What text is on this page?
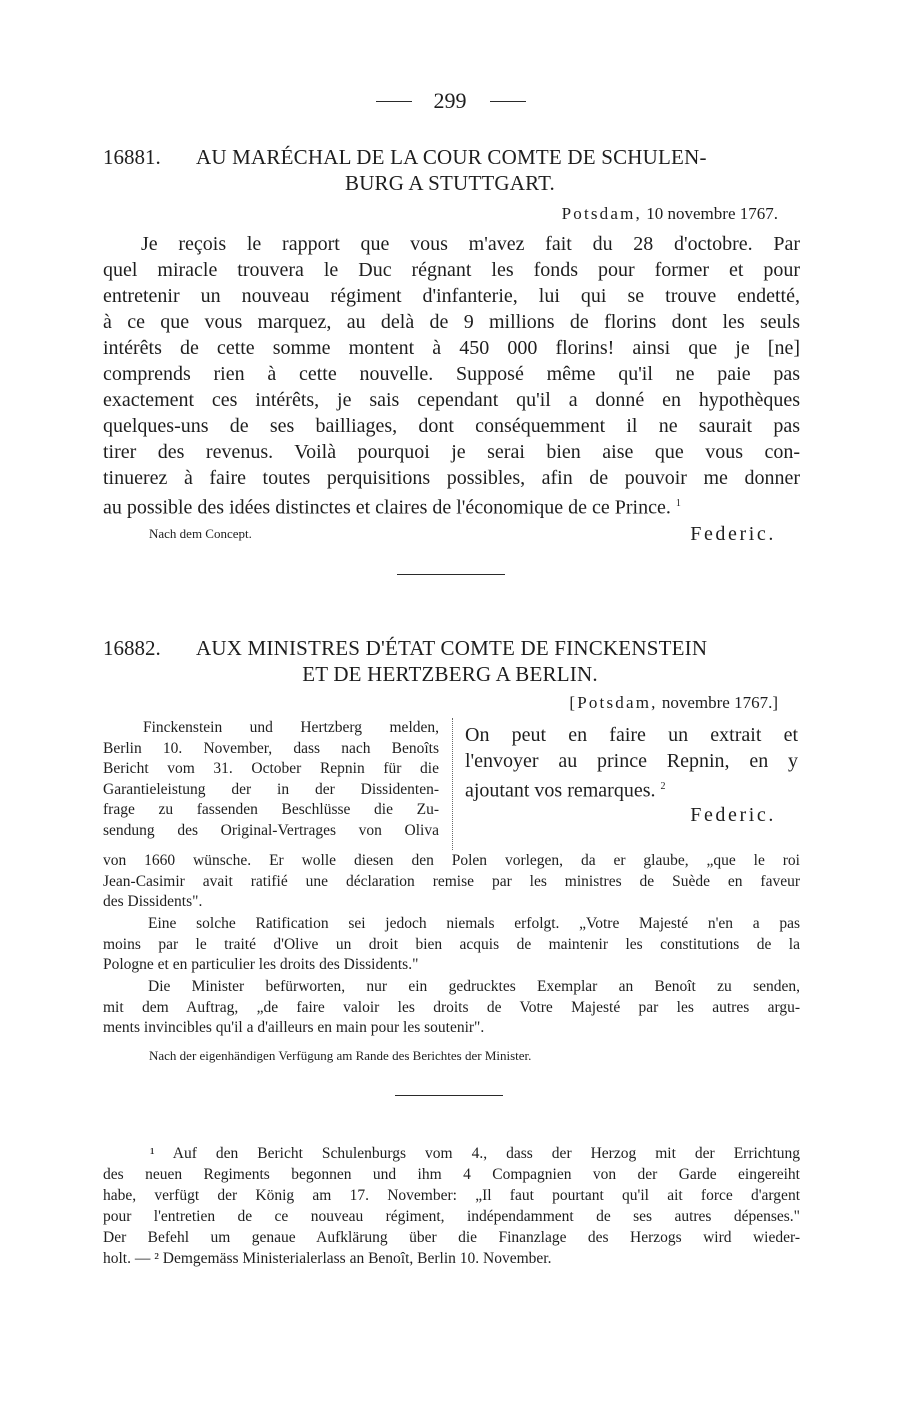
299
16881. AU MARÉCHAL DE LA COUR COMTE DE SCHULEN-
BURG A STUTTGART.
Potsdam, 10 novembre 1767.
Je reçois le rapport que vous m'avez fait du 28 d'octobre. Par
quel miracle trouvera le Duc régnant les fonds pour former et pour
entretenir un nouveau régiment d'infanterie, lui qui se trouve endetté,
à ce que vous marquez, au delà de 9 millions de florins dont les seuls
intérêts de cette somme montent à 450 000 florins! ainsi que je [ne]
comprends rien à cette nouvelle. Supposé même qu'il ne paie pas
exactement ces intérêts, je sais cependant qu'il a donné en hypothèques
quelques-uns de ses bailliages, dont conséquemment il ne saurait pas
tirer des revenus. Voilà pourquoi je serai bien aise que vous con-
tinuerez à faire toutes perquisitions possibles, afin de pouvoir me donner
au possible des idées distinctes et claires de l'économique de ce Prince. $^1$
Nach dem Concept.	Federic.
16882. AUX MINISTRES D'ÉTAT COMTE DE FINCKENSTEIN
ET DE HERTZBERG A BERLIN.
[Potsdam, novembre 1767.]
Finckenstein und Hertzberg melden,
Berlin 10. November, dass nach Benoîts
Bericht vom 31. October Repnin für die
Garantieleistung der in der Dissidenten-
frage zu fassenden Beschlüsse die Zu-
sendung des Original-Vertrages von Oliva
von 1660 wünsche. Er wolle diesen den Polen vorlegen, da er glaube, „que le roi
Jean-Casimir avait ratifié une déclaration remise par les ministres de Suède en faveur
des Dissidents".
Eine solche Ratification sei jedoch niemals erfolgt. „Votre Majesté n'en a pas
moins par le traité d'Olive un droit bien acquis de maintenir les constitutions de la
Pologne et en particulier les droits des Dissidents."
Die Minister befürworten, nur ein gedrucktes Exemplar an Benoît zu senden,
mit dem Auftrag, „de faire valoir les droits de Votre Majesté par les autres argu-
ments invincibles qu'il a d'ailleurs en main pour les soutenir".
On peut en faire un extrait et
l'envoyer au prince Repnin, en y
ajoutant vos remarques. $^2$
Federic.
Nach der eigenhändigen Verfügung am Rande des Berichtes der Minister.
¹ Auf den Bericht Schulenburgs vom 4., dass der Herzog mit der Errichtung
des neuen Regiments begonnen und ihm 4 Compagnien von der Garde eingereiht
habe, verfügt der König am 17. November: „Il faut pourtant qu'il ait force d'argent
pour l'entretien de ce nouveau régiment, indépendamment de ses autres dépenses."
Der Befehl um genaue Aufklärung über die Finanzlage des Herzogs wird wieder-
holt. — ² Demgemäss Ministerialerlass an Benoît, Berlin 10. November.
